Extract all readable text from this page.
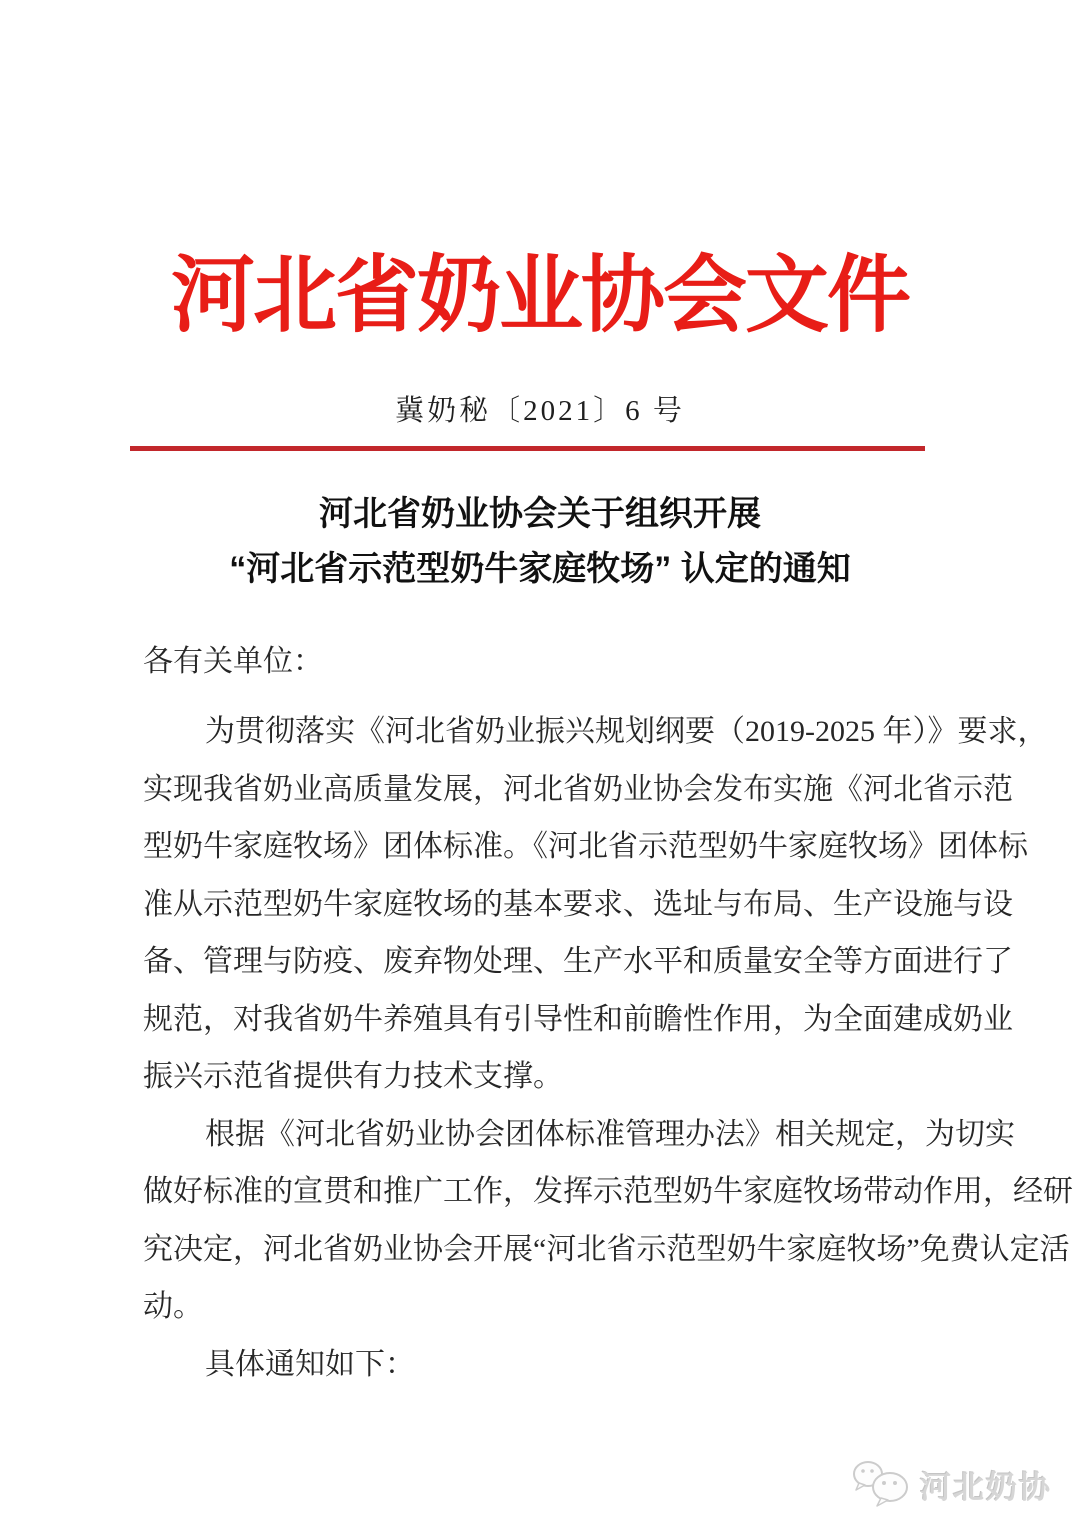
河北省奶业协会文件
冀奶秘〔2021〕6 号
河北省奶业协会关于组织开展
“河北省示范型奶牛家庭牧场” 认定的通知
各有关单位：
为贯彻落实《河北省奶业振兴规划纲要（2019-2025 年）》要求，
实现我省奶业高质量发展，河北省奶业协会发布实施《河北省示范
型奶牛家庭牧场》团体标准。《河北省示范型奶牛家庭牧场》团体标
准从示范型奶牛家庭牧场的基本要求、选址与布局、生产设施与设
备、管理与防疫、废弃物处理、生产水平和质量安全等方面进行了
规范，对我省奶牛养殖具有引导性和前瞻性作用，为全面建成奶业
振兴示范省提供有力技术支撑。
根据《河北省奶业协会团体标准管理办法》相关规定，为切实
做好标准的宣贯和推广工作，发挥示范型奶牛家庭牧场带动作用，经研
究决定，河北省奶业协会开展“河北省示范型奶牛家庭牧场”免费认定活
动。
具体通知如下：
河北奶协
